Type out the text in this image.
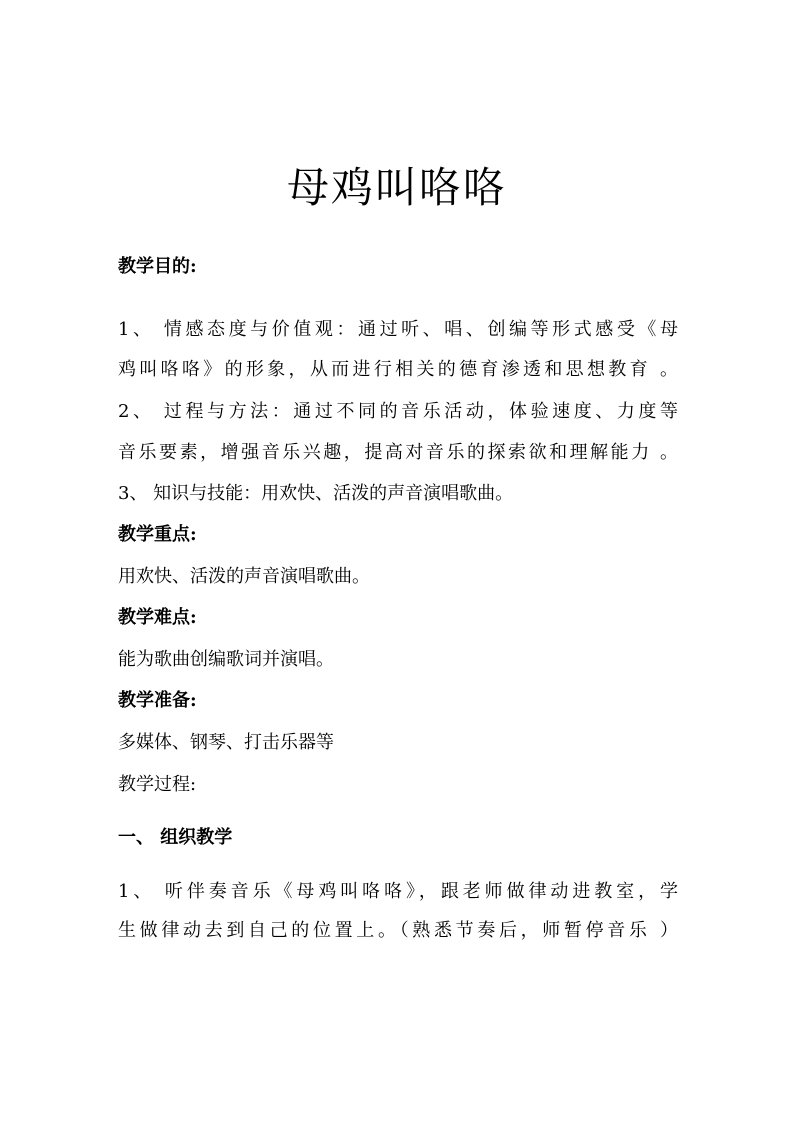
母鸡叫咯咯

教学目的:

1、 情感态度与价值观：通过听、唱、创编等形式感受《母

鸡叫咯咯》的形象，从而进行相关的德育渗透和思想教育 。

2、 过程与方法：通过不同的音乐活动，体验速度、力度等

音乐要素，增强音乐兴趣，提高对音乐的探索欲和理解能力 。

3、 知识与技能：用欢快、活泼的声音演唱歌曲。

教学重点:

用欢快、活泼的声音演唱歌曲。

教学难点:

能为歌曲创编歌词并演唱。

教学准备:

多媒体、钢琴、打击乐器等

教学过程:

一、 组织教学

1、 听伴奏音乐《母鸡叫咯咯》，跟老师做律动进教室，学

生做律动去到自己的位置上。（熟悉节奏后，师暂停音乐 ）
